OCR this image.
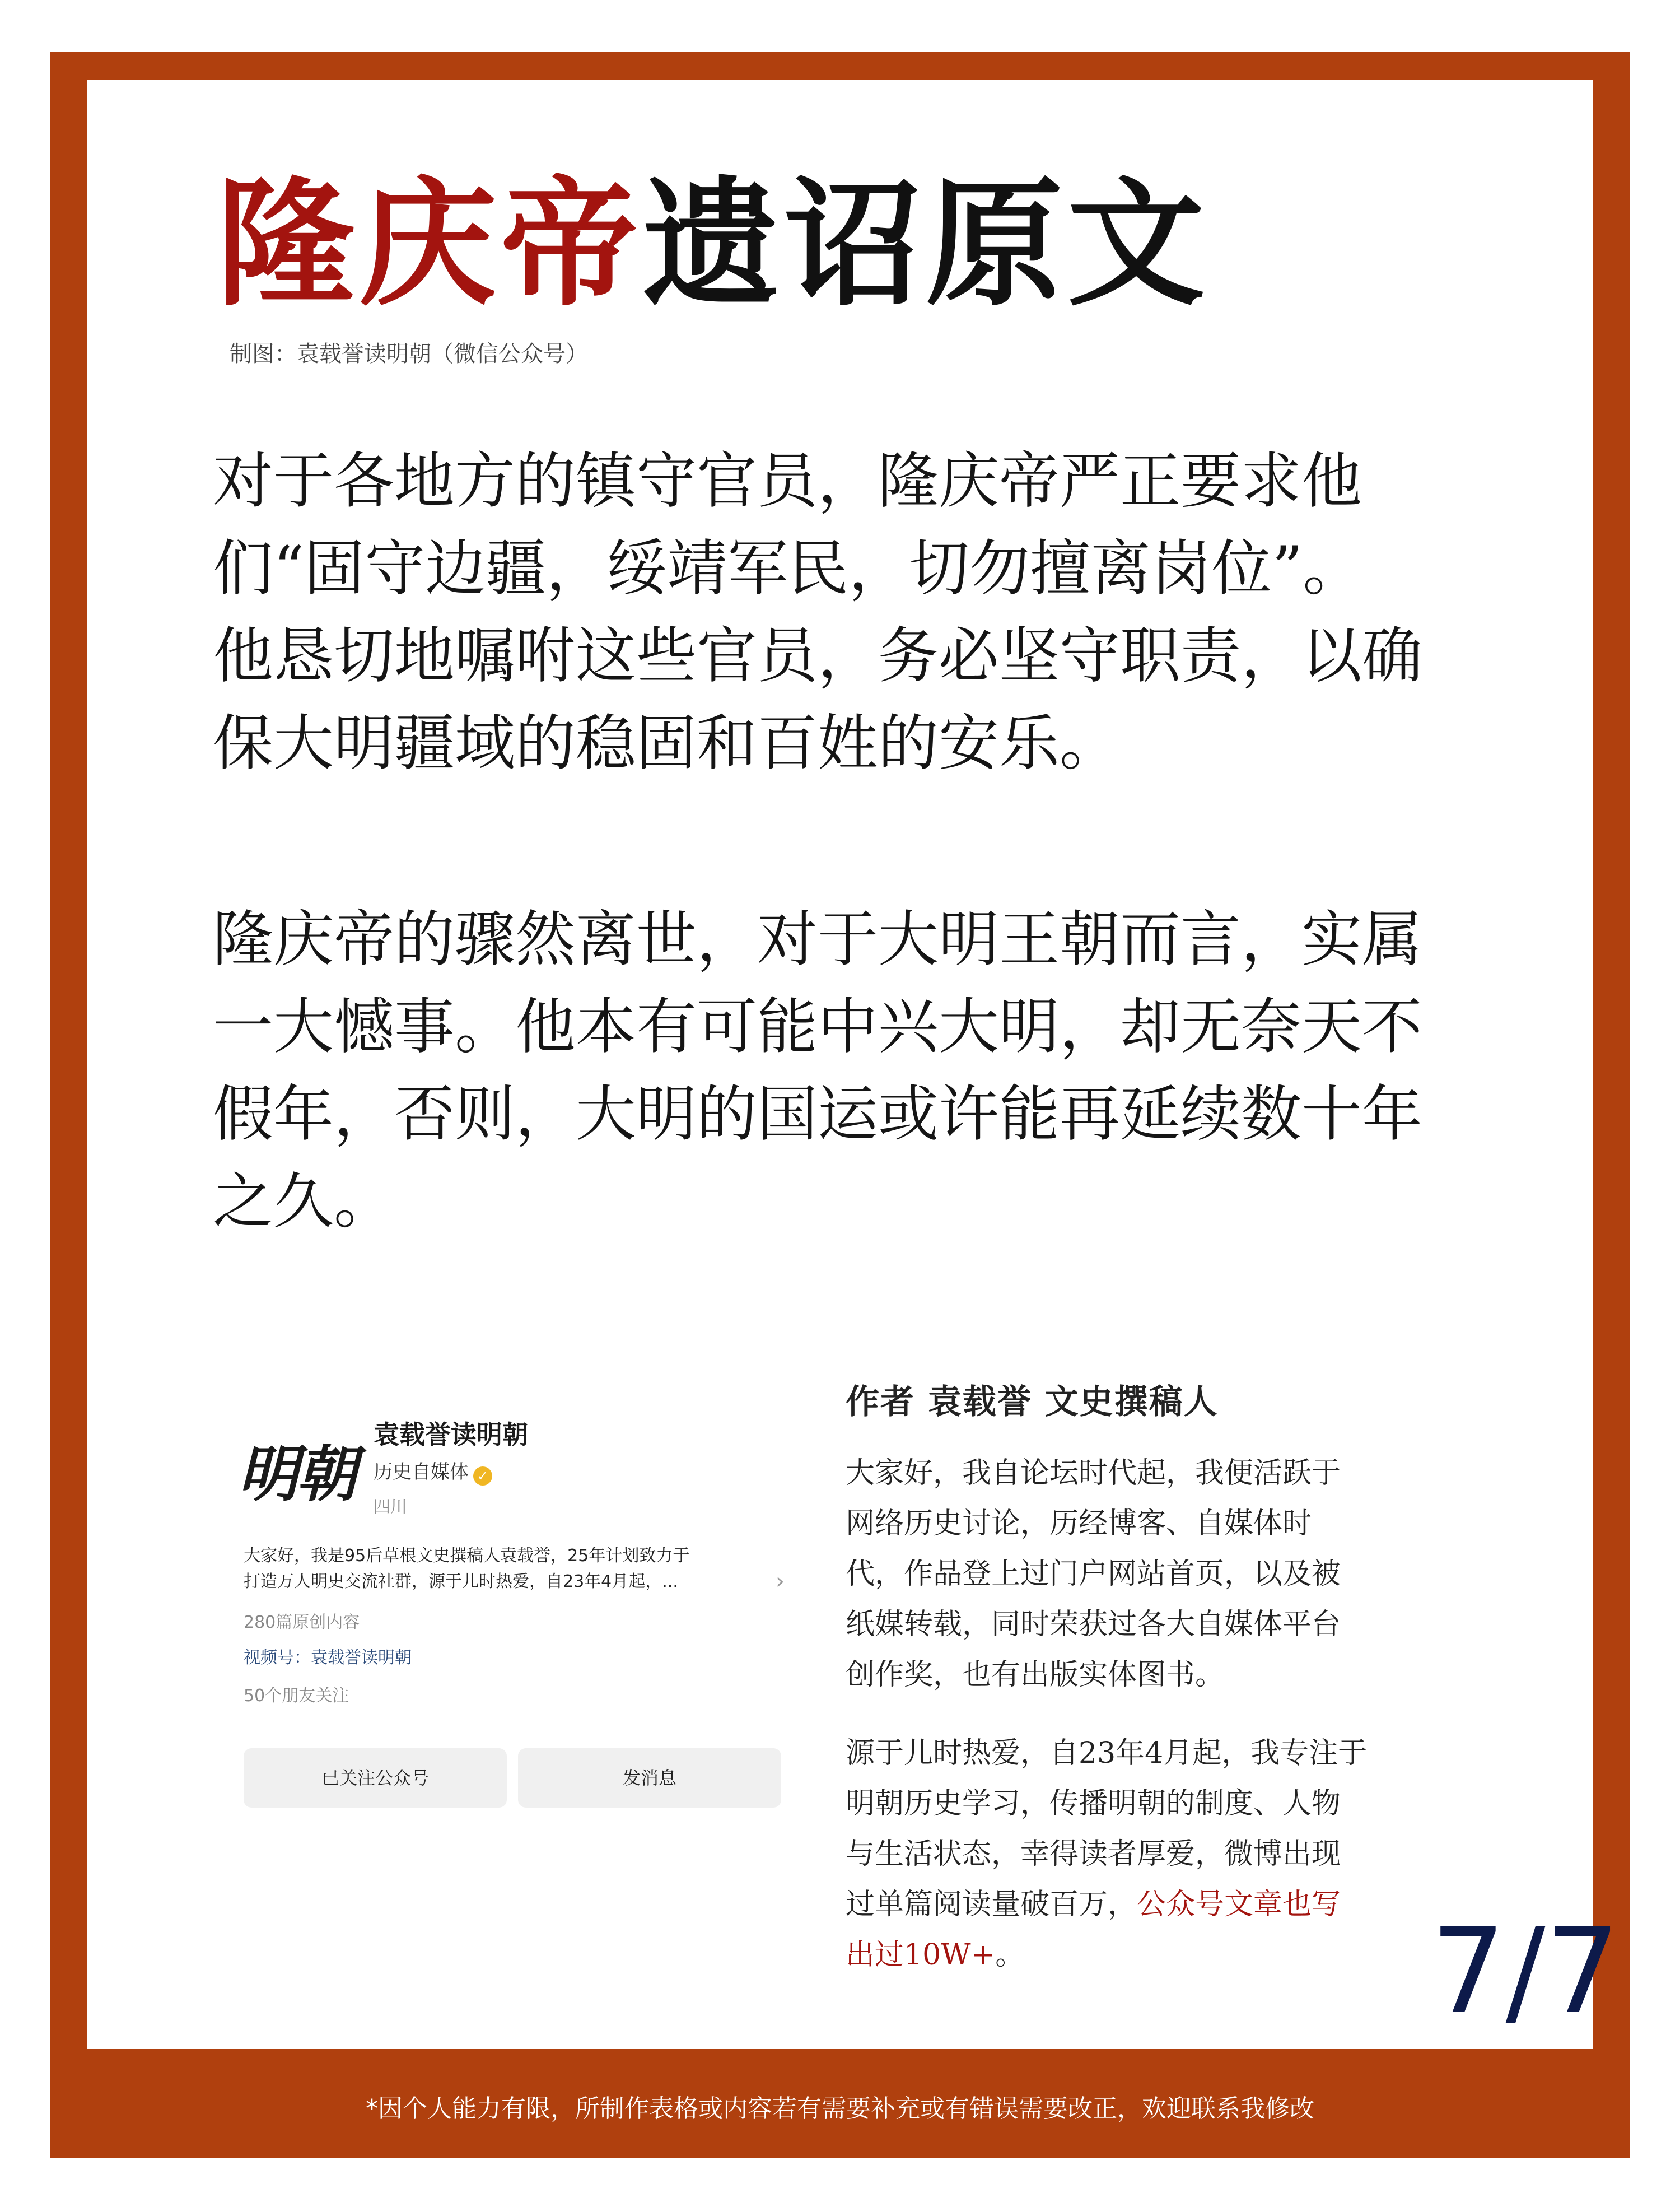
隆庆帝遗诏原文
制图：袁载誉读明朝（微信公众号）
对于各地方的镇守官员，隆庆帝严正要求他
们“固守边疆，绥靖军民，切勿擅离岗位”。
他恳切地嘱咐这些官员，务必坚守职责，以确
保大明疆域的稳固和百姓的安乐。
隆庆帝的骤然离世，对于大明王朝而言，实属
一大憾事。他本有可能中兴大明，却无奈天不
假年，否则，大明的国运或许能再延续数十年
之久。
明朝
袁载誉读明朝
历史自媒体 ✓
四川
大家好，我是95后草根文史撰稿人袁载誉，25年计划致力于
打造万人明史交流社群，源于儿时热爱，自23年4月起，...	›
280篇原创内容
视频号：袁载誉读明朝
50个朋友关注
已关注公众号	发消息
作者 袁载誉 文史撰稿人
大家好，我自论坛时代起，我便活跃于
网络历史讨论，历经博客、自媒体时
代，作品登上过门户网站首页，以及被
纸媒转载，同时荣获过各大自媒体平台
创作奖，也有出版实体图书。
源于儿时热爱，自23年4月起，我专注于
明朝历史学习，传播明朝的制度、人物
与生活状态，幸得读者厚爱，微博出现
过单篇阅读量破百万，公众号文章也写
出过10W+。	7/7
*因个人能力有限，所制作表格或内容若有需要补充或有错误需要改正，欢迎联系我修改
